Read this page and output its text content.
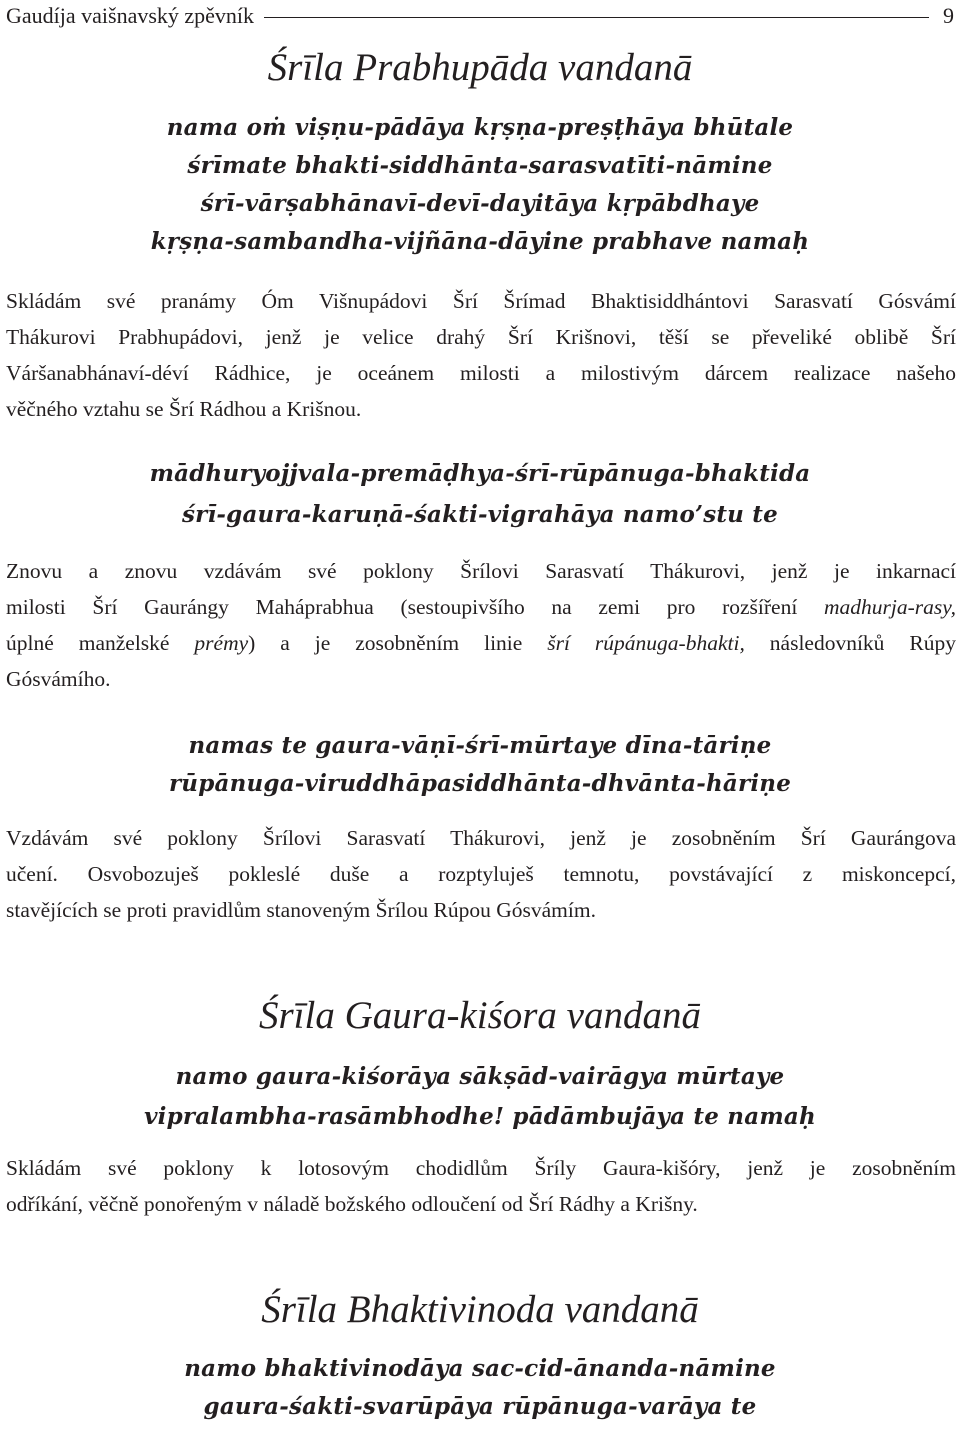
Gaudíja vaišnavský zpěvník	9
Śrīla Prabhupāda vandanā
nama oṁ viṣṇu-pādāya kṛṣṇa-preṣṭhāya bhūtale
śrīmate bhakti-siddhānta-sarasvatīti-nāmine
śrī-vārṣabhānavī-devī-dayitāya kṛpābdhaye
kṛṣṇa-sambandha-vijñāna-dāyine prabhave namaḥ
Skládám své pranámy Óm Višnupádovi Šrí Šrímad Bhaktisiddhántovi Sarasvatí Gósvámí
Thákurovi Prabhupádovi, jenž je velice drahý Šrí Krišnovi, těší se převeliké oblibě Šrí
Váršanabhánaví-déví Rádhice, je oceánem milosti a milostivým dárcem realizace našeho
věčného vztahu se Šrí Rádhou a Krišnou.
mādhuryojjvala-premāḍhya-śrī-rūpānuga-bhaktida
śrī-gaura-karuṇā-śakti-vigrahāya namo’stu te
Znovu a znovu vzdávám své poklony Šrílovi Sarasvatí Thákurovi, jenž je inkarnací
milosti Šrí Gaurángy Maháprabhua (sestoupivšího na zemi pro rozšíření madhurja-rasy,
úplné manželské prémy) a je zosobněním linie šrí rúpánuga-bhakti, následovníků Rúpy
Gósvámího.
namas te gaura-vāṇī-śrī-mūrtaye dīna-tāriṇe
rūpānuga-viruddhāpasiddhānta-dhvānta-hāriṇe
Vzdávám své poklony Šrílovi Sarasvatí Thákurovi, jenž je zosobněním Šrí Gaurángova
učení. Osvobozuješ pokleslé duše a rozptyluješ temnotu, povstávající z miskoncepcí,
stavějících se proti pravidlům stanoveným Šrílou Rúpou Gósvámím.
Śrīla Gaura-kiśora vandanā
namo gaura-kiśorāya sākṣād-vairāgya mūrtaye
vipralambha-rasāmbhodhe! pādāmbujāya te namaḥ
Skládám své poklony k lotosovým chodidlům Šríly Gaura-kišóry, jenž je zosobněním
odříkání, věčně ponořeným v náladě božského odloučení od Šrí Rádhy a Krišny.
Śrīla Bhaktivinoda vandanā
namo bhaktivinodāya sac-cid-ānanda-nāmine
gaura-śakti-svarūpāya rūpānuga-varāya te
